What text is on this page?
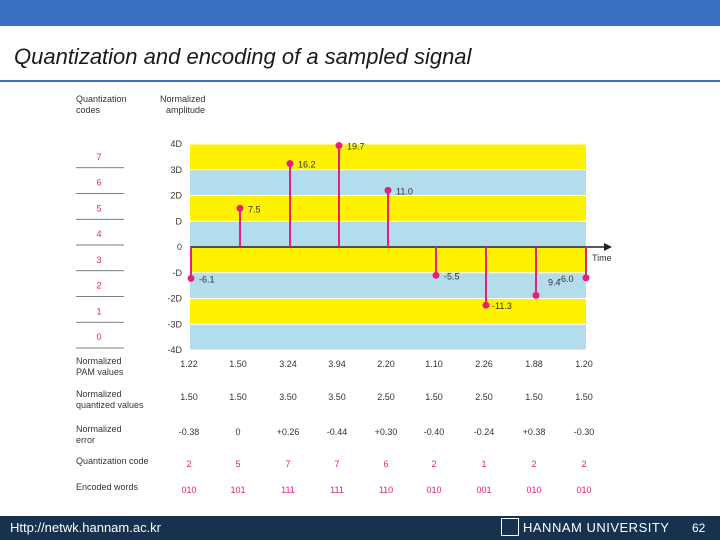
Quantization and encoding of a sampled signal
Quantization
codes
Normalized
amplitude
4D
3D
2D
D
0
-D
-2D
-3D
-4D
7
6
5
4
3
2
1
0
Time
-6.1
7.5
16.2
19.7
11.0
-5.5
-11.3
9.4
-6.0
Normalized
PAM values
1.22	1.50	3.24	3.94	2.20	1.10	2.26	1.88	1.20
Normalized
quantized values
1.50	1.50	3.50	3.50	2.50	1.50	2.50	1.50	1.50
Normalized
error
-0.38	0	+0.26	-0.44	+0.30	-0.40	-0.24	+0.38	-0.30
Quantization code	2	5	7	7	6	2	1	2	2
Encoded words	010	101	111	111	110	010	001	010	010
Http://netwk.hannam.ac.kr	HANNAM UNIVERSITY 62
